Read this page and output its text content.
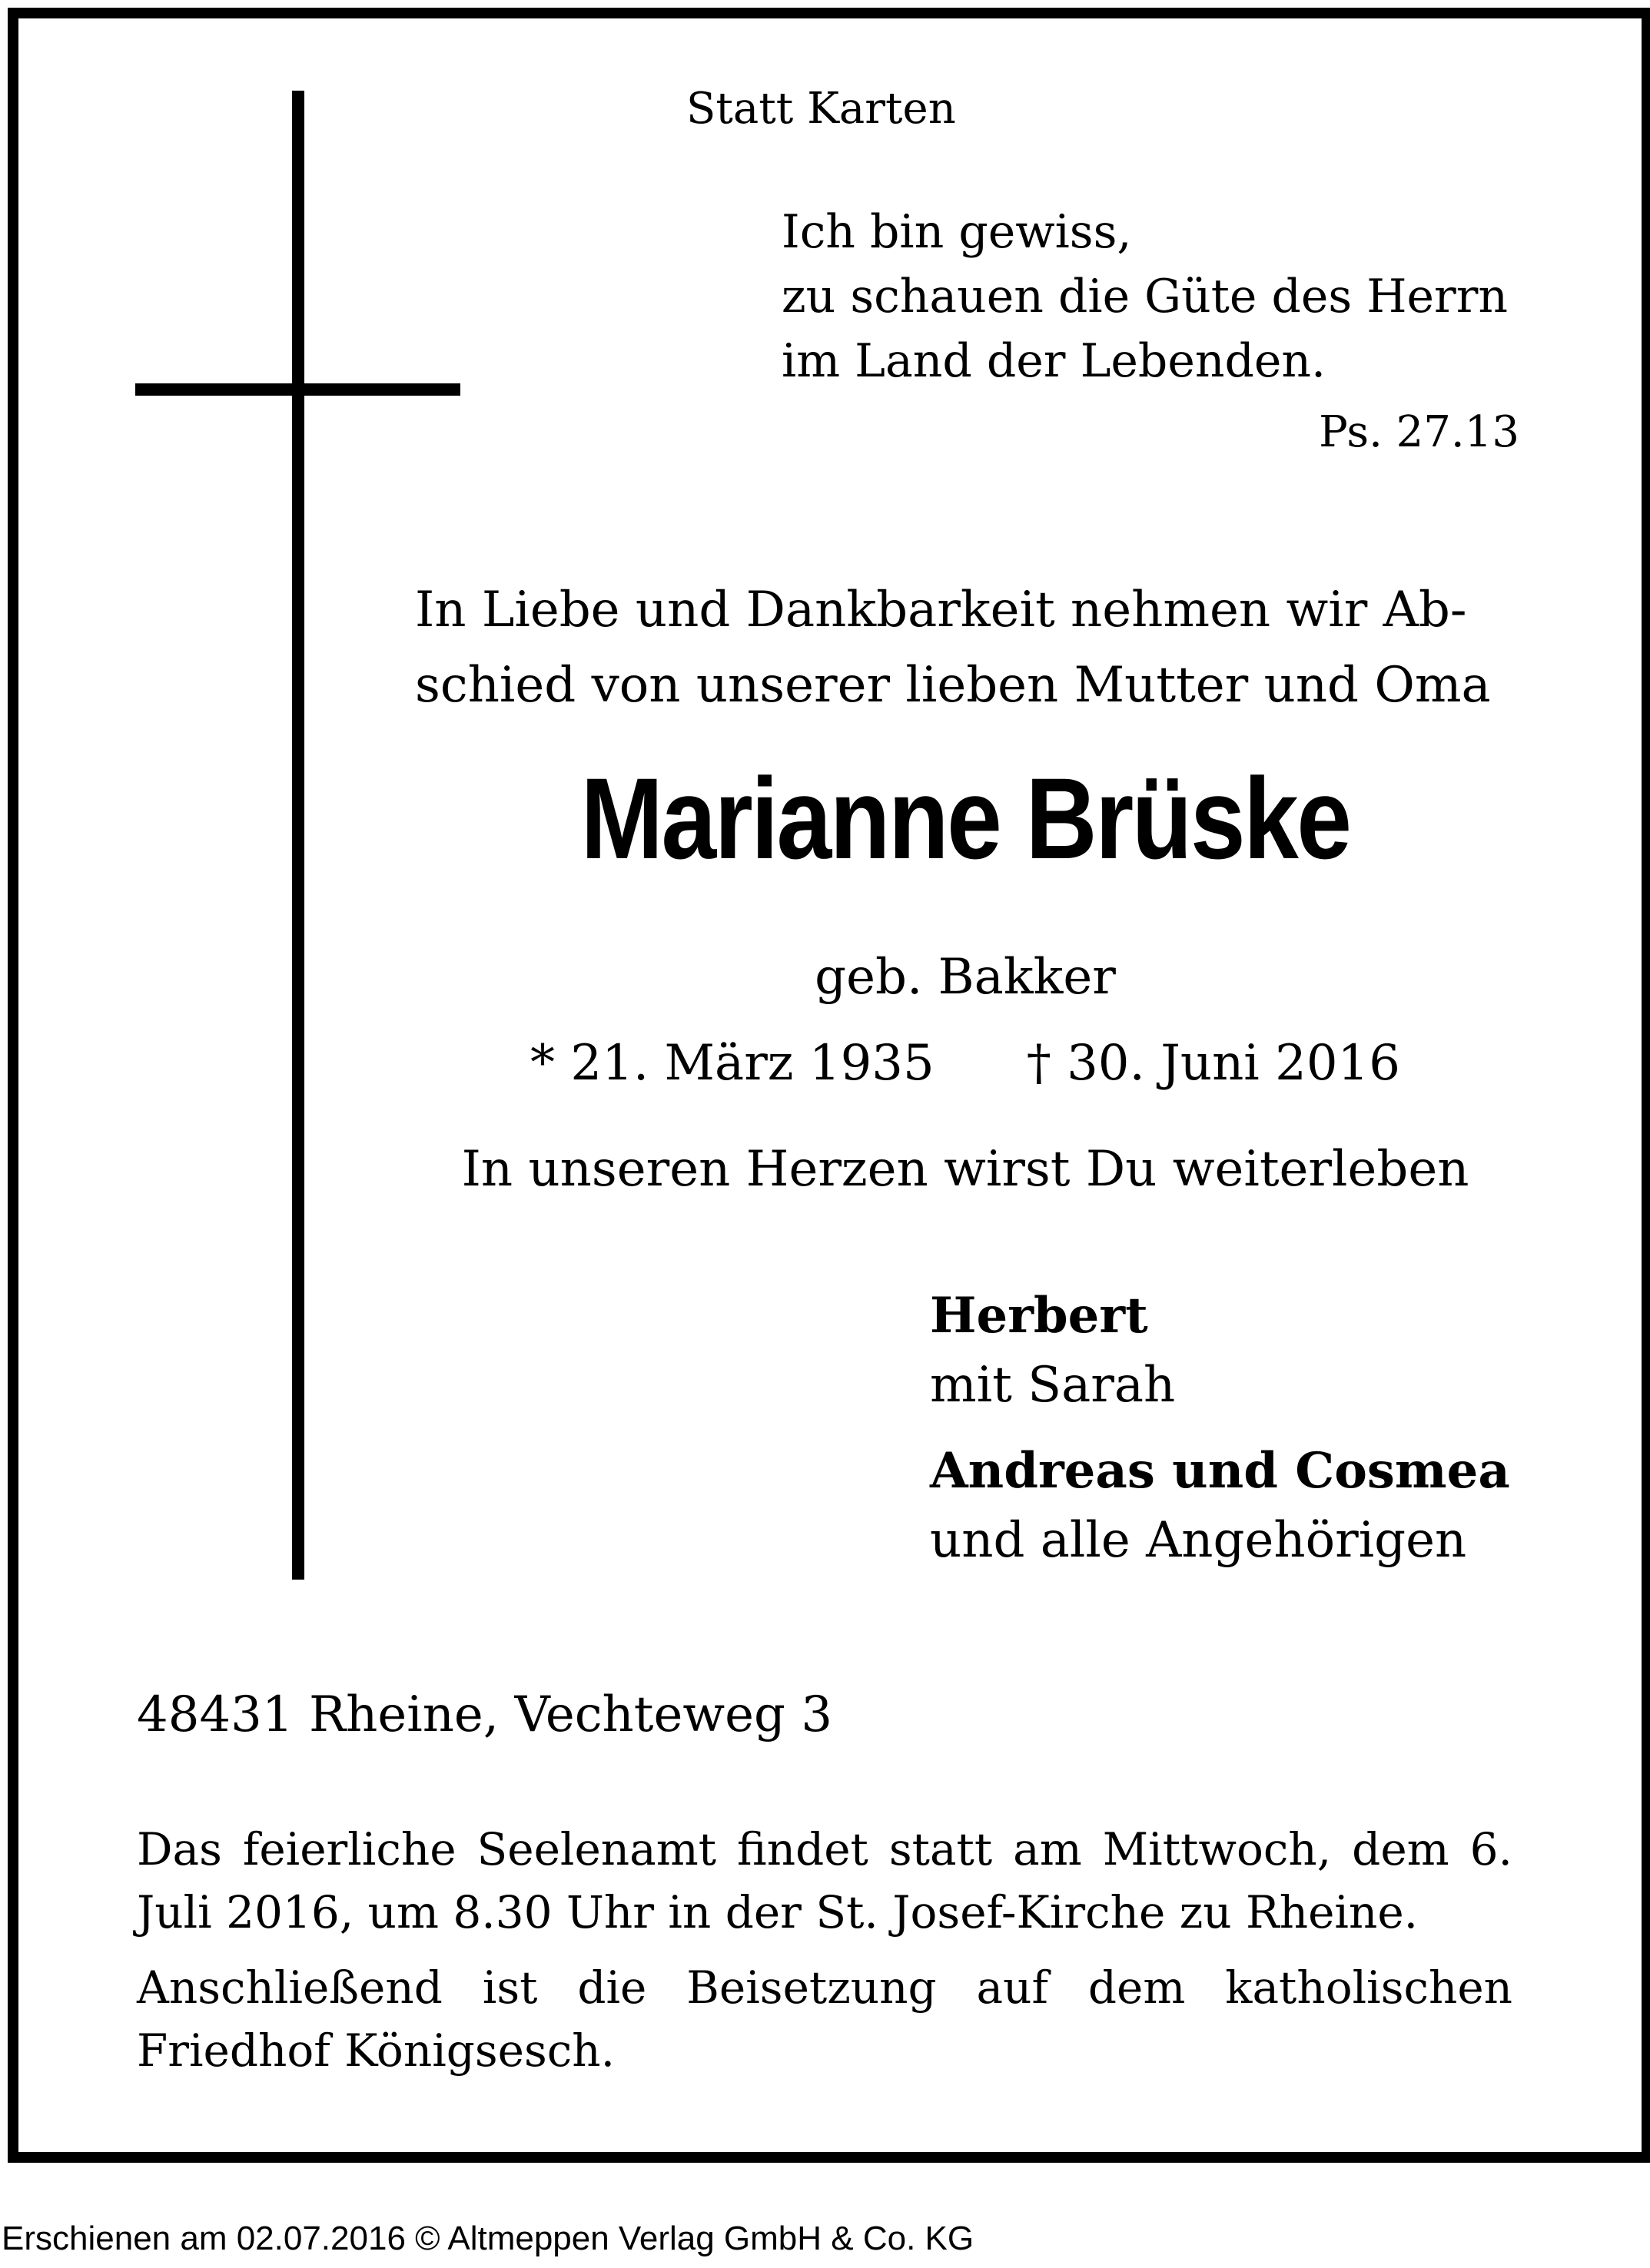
Statt Karten
Ich bin gewiss,
zu schauen die Güte des Herrn
im Land der Lebenden.
Ps. 27.13
In Liebe und Dankbarkeit nehmen wir Ab-
schied von unserer lieben Mutter und Oma
Marianne Brüske
geb. Bakker
* 21. März 1935 † 30. Juni 2016
In unseren Herzen wirst Du weiterleben
Herbert
mit Sarah
Andreas und Cosmea
und alle Angehörigen
48431 Rheine, Vechteweg 3
Das feierliche Seelenamt findet statt am Mittwoch, dem 6. Juli 2016, um 8.30 Uhr in der St. Josef-Kirche zu Rheine.
Anschließend ist die Beisetzung auf dem katholischen Friedhof Königsesch.
Erschienen am 02.07.2016 © Altmeppen Verlag GmbH & Co. KG
